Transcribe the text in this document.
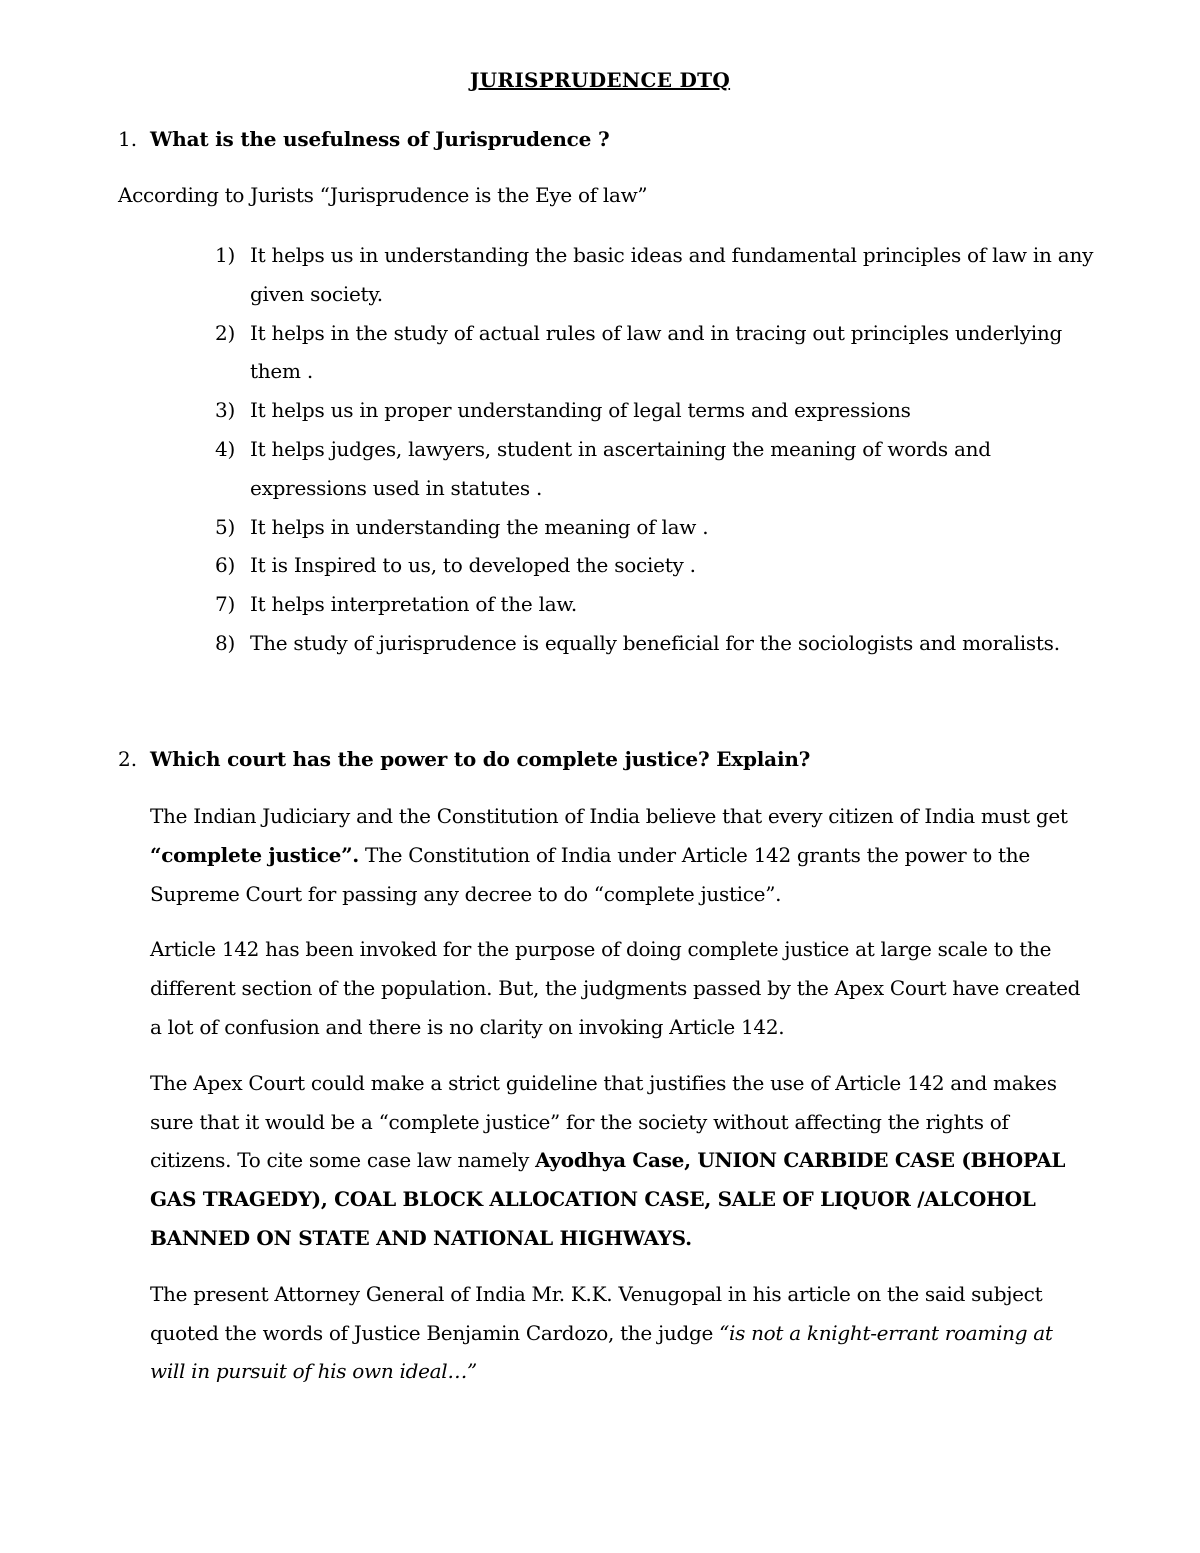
JURISPRUDENCE DTQ
1. What is the usefulness of Jurisprudence ?
According to Jurists “Jurisprudence is the Eye of law”
1) It helps us in understanding the basic ideas and fundamental principles of law in any given society.
2) It helps in the study of actual rules of law and in tracing out principles underlying them .
3) It helps us in proper understanding of legal terms and expressions
4) It helps judges, lawyers, student in ascertaining the meaning of words and expressions used in statutes .
5) It helps in understanding the meaning of law .
6) It is Inspired to us, to developed the society .
7) It helps interpretation of the law.
8) The study of jurisprudence is equally beneficial for the sociologists and moralists.
2. Which court has the power to do complete justice? Explain?

The Indian Judiciary and the Constitution of India believe that every citizen of India must get “complete justice”. The Constitution of India under Article 142 grants the power to the Supreme Court for passing any decree to do “complete justice”.

Article 142 has been invoked for the purpose of doing complete justice at large scale to the different section of the population. But, the judgments passed by the Apex Court have created a lot of confusion and there is no clarity on invoking Article 142.

The Apex Court could make a strict guideline that justifies the use of Article 142 and makes sure that it would be a “complete justice” for the society without affecting the rights of citizens. To cite some case law namely Ayodhya Case, UNION CARBIDE CASE (BHOPAL GAS TRAGEDY), COAL BLOCK ALLOCATION CASE, SALE OF LIQUOR /ALCOHOL BANNED ON STATE AND NATIONAL HIGHWAYS.

The present Attorney General of India Mr. K.K. Venugopal in his article on the said subject quoted the words of Justice Benjamin Cardozo, the judge “is not a knight-errant roaming at will in pursuit of his own ideal…”
